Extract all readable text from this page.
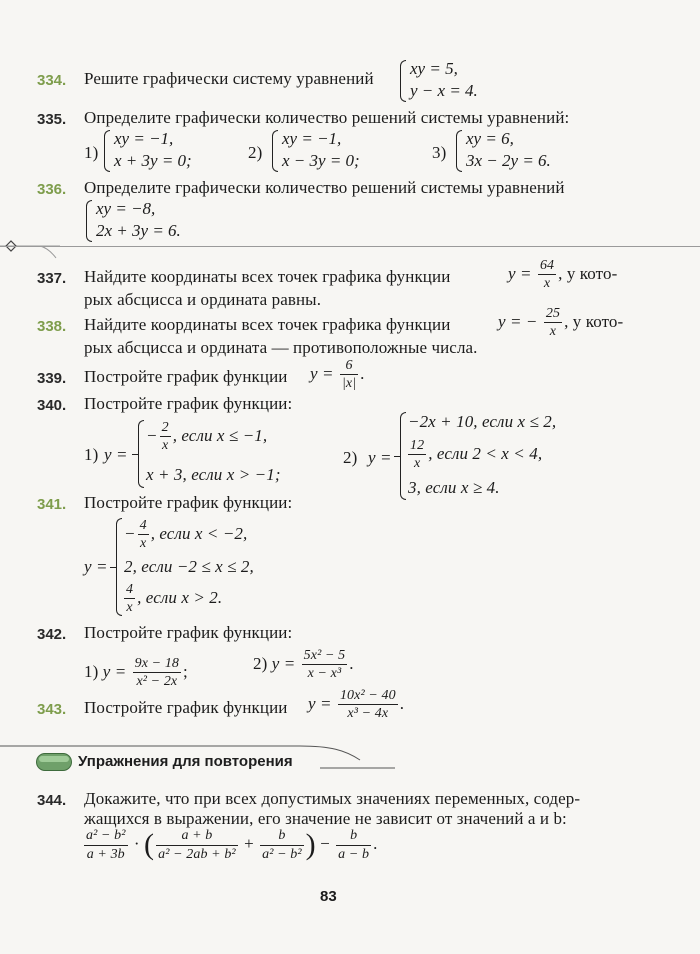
334. Решите графически систему уравнений
xy = 5,
y − x = 4.
335. Определите графически количество решений системы уравнений:
1)
xy = −1,
x + 3y = 0;	2)
xy = −1,
x − 3y = 0;	3)
xy = 6,
3x − 2y = 6.
336. Определите графически количество решений системы уравнений
xy = −8,
2x + 3y = 6.
337. Найдите координаты всех точек графика функции	$y = \frac{64}{x}$ , у кото-
рых абсцисса и ордината равны.
338. Найдите координаты всех точек графика функции	y = − $\frac{25}{x}$ , у кото-
рых абсцисса и ордината — противоположные числа.
339. Постройте график функции $y = \frac{6}{|x|}$ .
340. Постройте график функции:
1) y =
− $\frac{2}{x}$ , если x ≤ −1,
x + 3, если x > −1;
2) y =
−2x + 10, если x ≤ 2,
$\frac{12}{x}$ , если 2 < x < 4,
3, если x ≥ 4.
341. Постройте график функции:
y =
− $\frac{4}{x}$ , если x < −2,
2, если −2 ≤ x ≤ 2,
$\frac{4}{x}$ , если x > 2.
342. Постройте график функции:
1) $y = \frac{9x - 18}{\text{x² − 2x}}$ ;	2) $y = \frac{\text{5x² − 5}}{\text{x − x³}}$ .
343. Постройте график функции $y = \frac{\text{10x² − 40}}{\text{x³ − 4x}}$ .
Упражнения для повторения
344. Докажите, что при всех допустимых значениях переменных, содер-
жащихся в выражении, его значение не зависит от значений a и b:
$\frac{\text{a² − b²}}{a + 3b}$ · ( $\frac{a + b}{\text{a² − 2ab + b²}} + \frac{b}{\text{a² − b²}}$ ) − $\frac{b}{a - b}$ .
83
